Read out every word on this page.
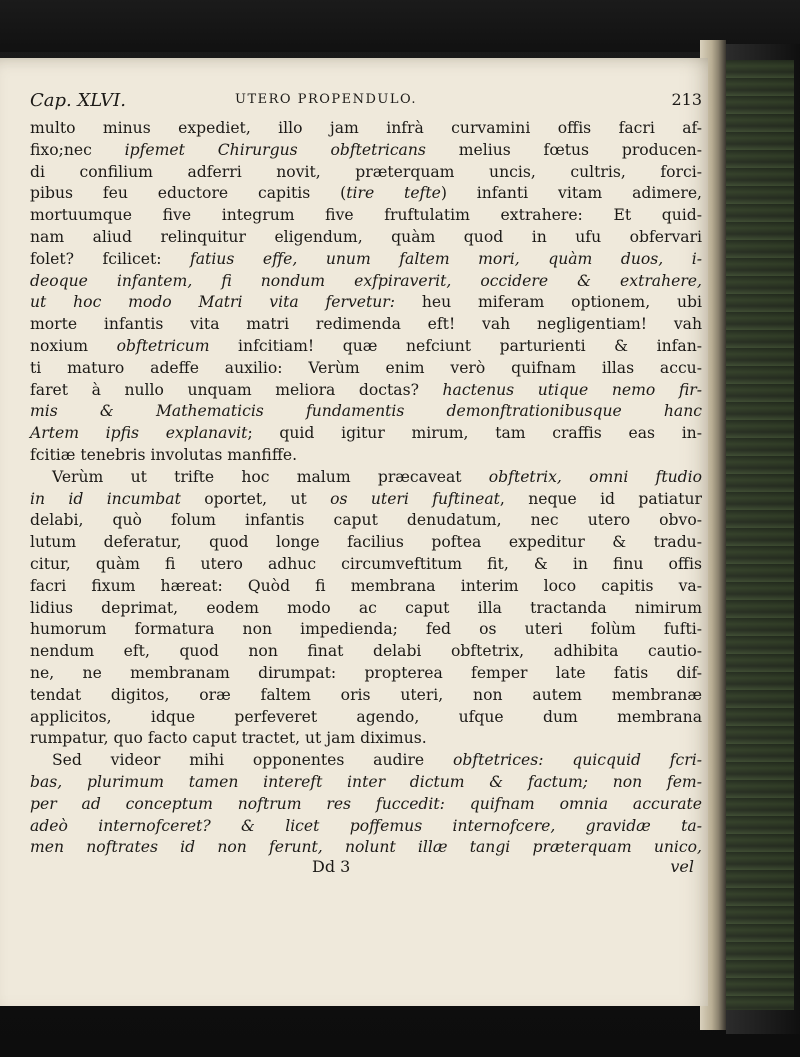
Cap. XLVI.	UTERO PROPENDULO.	213
multo minus expediet, illo jam infrà curvamini offis facri af-
fixo;nec ipfemet Chirurgus obftetricans melius fœtus producen-
di confilium adferri novit, prӕterquam uncis, cultris, forci-
pibus feu eductore capitis (tire tefte) infanti vitam adimere,
mortuumque five integrum five fruftulatim extrahere: Et quid-
nam aliud relinquitur eligendum, quàm quod in ufu obfervari
folet? fcilicet: fatius effe, unum faltem mori, quàm duos, i-
deoque infantem, fi nondum exfpiraverit, occidere & extrahere,
ut hoc modo Matri vita fervetur: heu miferam optionem, ubi
morte infantis vita matri redimenda eft! vah negligentiam! vah
noxium obftetricum infcitiam! quӕ nefciunt parturienti & infan-
ti maturo adeffe auxilio: Verùm enim verò quifnam illas accu-
faret à nullo unquam meliora doctas? hactenus utique nemo fir-
mis & Mathematicis fundamentis demonftrationibusque hanc
Artem ipfis explanavit; quid igitur mirum, tam craffis eas in-
fcitiӕ tenebris involutas manfiffe.
Verùm ut trifte hoc malum prӕcaveat obftetrix, omni ftudio
in id incumbat oportet, ut os uteri fuftineat, neque id patiatur
delabi, quò folum infantis caput denudatum, nec utero obvo-
lutum deferatur, quod longe facilius poftea expeditur & tradu-
citur, quàm fi utero adhuc circumveftitum fit, & in finu offis
facri fixum hӕreat: Quòd fi membrana interim loco capitis va-
lidius deprimat, eodem modo ac caput illa tractanda nimirum
humorum formatura non impedienda; fed os uteri folùm fufti-
nendum eft, quod non finat delabi obftetrix, adhibita cautio-
ne, ne membranam dirumpat: propterea femper late fatis dif-
tendat digitos, orӕ faltem oris uteri, non autem membranӕ
applicitos, idque perfeveret agendo, ufque dum membrana
rumpatur, quo facto caput tractet, ut jam diximus.
Sed videor mihi opponentes audire obftetrices: quicquid fcri-
bas, plurimum tamen intereft inter dictum & factum; non fem-
per ad conceptum noftrum res fuccedit: quifnam omnia accurate
adeò internofceret? & licet poffemus internofcere, gravidӕ ta-
men noftrates id non ferunt, nolunt illӕ tangi prӕterquam unico,
Dd 3	vel
